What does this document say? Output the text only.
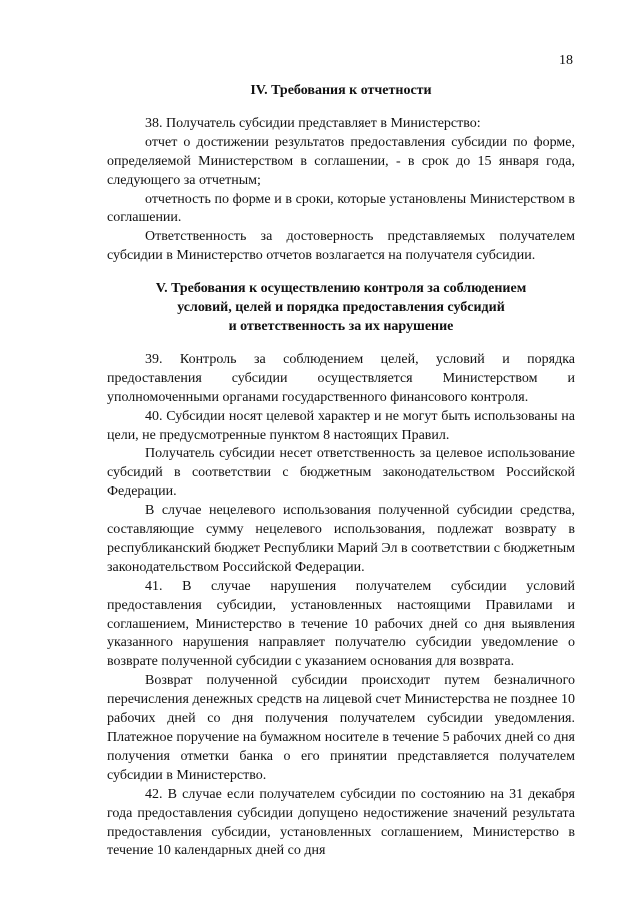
18
IV. Требования к отчетности

38. Получатель субсидии представляет в Министерство:

отчет о достижении результатов предоставления субсидии по форме, определяемой Министерством в соглашении, - в срок до 15 января года, следующего за отчетным;

отчетность по форме и в сроки, которые установлены Министерством в соглашении.

Ответственность за достоверность представляемых получателем субсидии в Министерство отчетов возлагается на получателя субсидии.

V. Требования к осуществлению контроля за соблюдением
условий, целей и порядка предоставления субсидий
и ответственность за их нарушение

39. Контроль за соблюдением целей, условий и порядка предоставления субсидии осуществляется Министерством и уполномоченными органами государственного финансового контроля.

40. Субсидии носят целевой характер и не могут быть использованы на цели, не предусмотренные пунктом 8 настоящих Правил.

Получатель субсидии несет ответственность за целевое использование субсидий в соответствии с бюджетным законодательством Российской Федерации.

В случае нецелевого использования полученной субсидии средства, составляющие сумму нецелевого использования, подлежат возврату в республиканский бюджет Республики Марий Эл в соответствии с бюджетным законодательством Российской Федерации.

41. В случае нарушения получателем субсидии условий предоставления субсидии, установленных настоящими Правилами и соглашением, Министерство в течение 10 рабочих дней со дня выявления указанного нарушения направляет получателю субсидии уведомление о возврате полученной субсидии с указанием основания для возврата.

Возврат полученной субсидии происходит путем безналичного перечисления денежных средств на лицевой счет Министерства не позднее 10 рабочих дней со дня получения получателем субсидии уведомления. Платежное поручение на бумажном носителе в течение 5 рабочих дней со дня получения отметки банка о его принятии представляется получателем субсидии в Министерство.

42. В случае если получателем субсидии по состоянию на 31 декабря года предоставления субсидии допущено недостижение значений результата предоставления субсидии, установленных соглашением, Министерство в течение 10 календарных дней со дня
